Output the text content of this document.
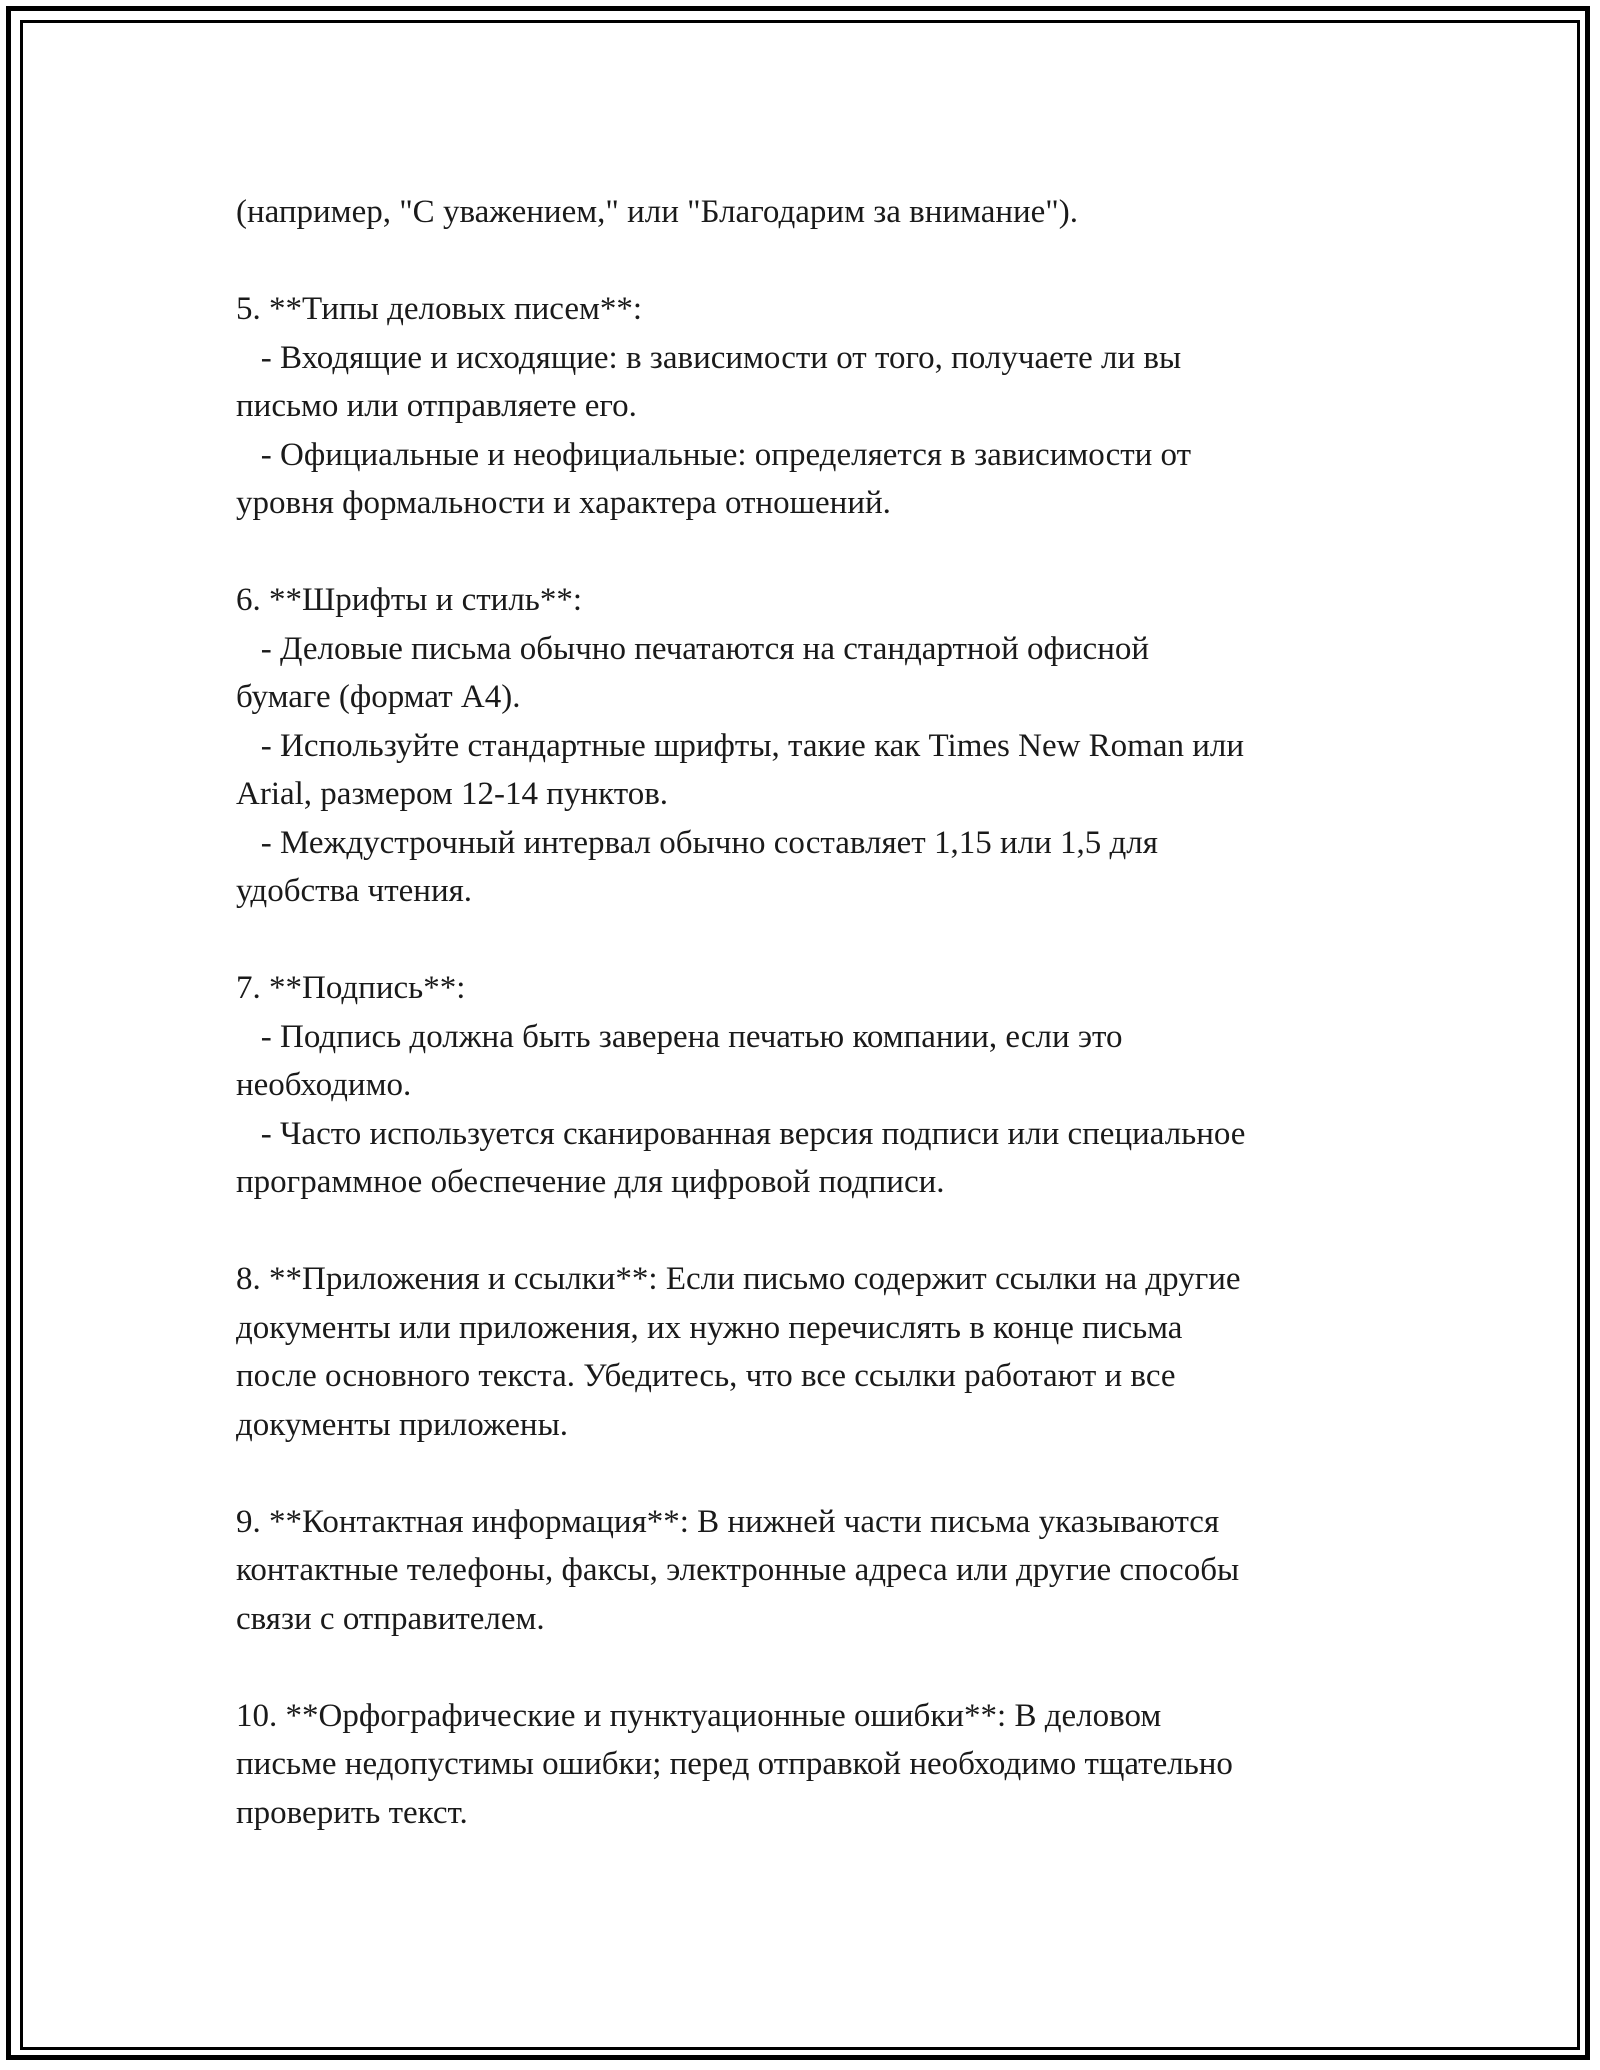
(например, "С уважением," или "Благодарим за внимание").
5. **Типы деловых писем**:
- Входящие и исходящие: в зависимости от того, получаете ли вы
письмо или отправляете его.
- Официальные и неофициальные: определяется в зависимости от
уровня формальности и характера отношений.
6. **Шрифты и стиль**:
- Деловые письма обычно печатаются на стандартной офисной
бумаге (формат А4).
- Используйте стандартные шрифты, такие как Times New Roman или
Arial, размером 12-14 пунктов.
- Междустрочный интервал обычно составляет 1,15 или 1,5 для
удобства чтения.
7. **Подпись**:
- Подпись должна быть заверена печатью компании, если это
необходимо.
- Часто используется сканированная версия подписи или специальное
программное обеспечение для цифровой подписи.
8. **Приложения и ссылки**: Если письмо содержит ссылки на другие
документы или приложения, их нужно перечислять в конце письма
после основного текста. Убедитесь, что все ссылки работают и все
документы приложены.
9. **Контактная информация**: В нижней части письма указываются
контактные телефоны, факсы, электронные адреса или другие способы
связи с отправителем.
10. **Орфографические и пунктуационные ошибки**: В деловом
письме недопустимы ошибки; перед отправкой необходимо тщательно
проверить текст.
